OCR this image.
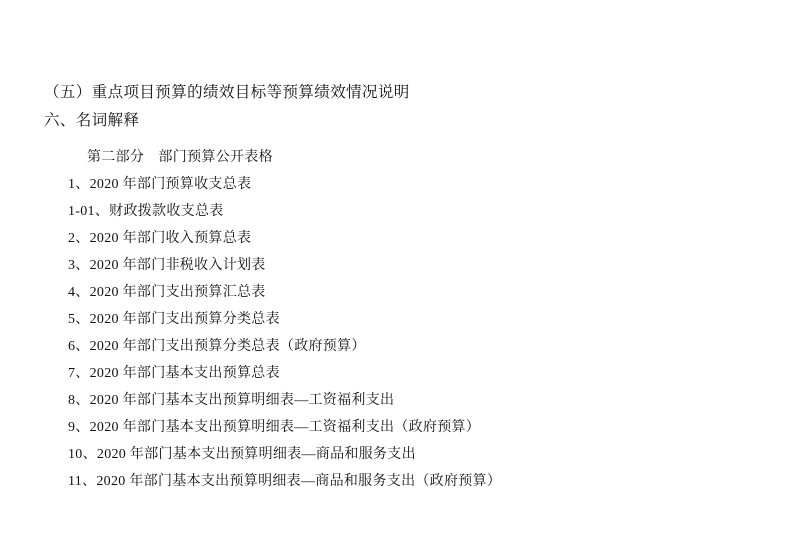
（五）重点项目预算的绩效目标等预算绩效情况说明
六、名词解释
第二部分　部门预算公开表格
1、2020 年部门预算收支总表
1-01、财政拨款收支总表
2、2020 年部门收入预算总表
3、2020 年部门非税收入计划表
4、2020 年部门支出预算汇总表
5、2020 年部门支出预算分类总表
6、2020 年部门支出预算分类总表（政府预算）
7、2020 年部门基本支出预算总表
8、2020 年部门基本支出预算明细表—工资福利支出
9、2020 年部门基本支出预算明细表—工资福利支出（政府预算）
10、2020 年部门基本支出预算明细表—商品和服务支出
11、2020 年部门基本支出预算明细表—商品和服务支出（政府预算）
